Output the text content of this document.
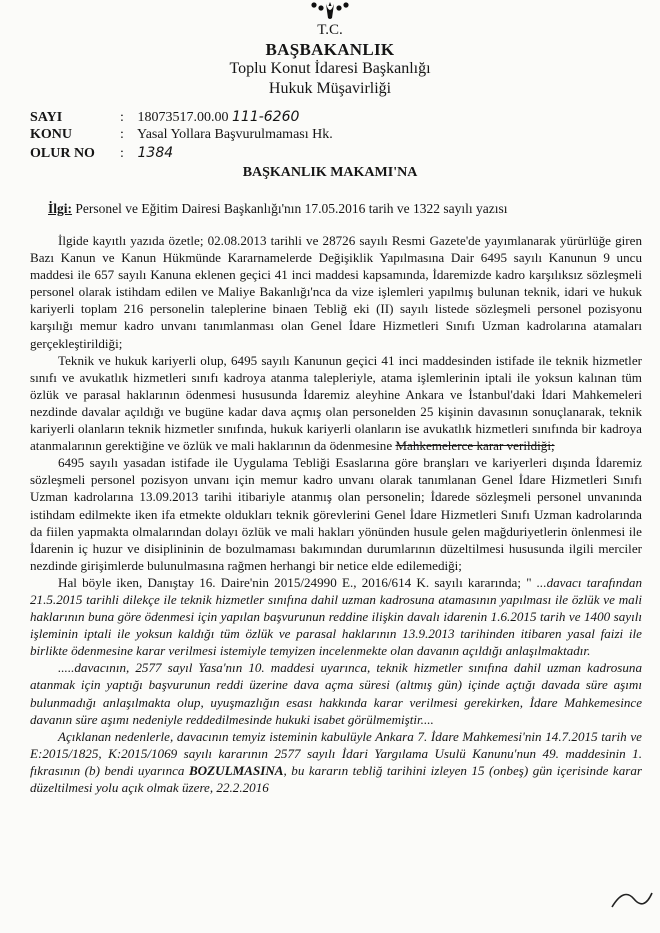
T.C.
BAŞBAKANLIK
Toplu Konut İdaresi Başkanlığı
Hukuk Müşavirliği
SAYI	: 18073517.00.00 111-6260
KONU	: Yasal Yollara Başvurulmaması Hk.
OLUR NO : 1384
BAŞKANLIK MAKAMI'NA
İlgi: Personel ve Eğitim Dairesi Başkanlığı'nın 17.05.2016 tarih ve 1322 sayılı yazısı

İlgide kayıtlı yazıda özetle; 02.08.2013 tarihli ve 28726 sayılı Resmi Gazete'de yayımlanarak yürürlüğe giren Bazı Kanun ve Kanun Hükmünde Kararnamelerde Değişiklik Yapılmasına Dair 6495 sayılı Kanunun 9 uncu maddesi ile 657 sayılı Kanuna eklenen geçici 41 inci maddesi kapsamında, İdaremizde kadro karşılıksız sözleşmeli personel olarak istihdam edilen ve Maliye Bakanlığı'nca da vize işlemleri yapılmış bulunan teknik, idari ve hukuk kariyerli toplam 216 personelin taleplerine binaen Tebliğ eki (II) sayılı listede sözleşmeli personel pozisyonu karşılığı memur kadro unvanı tanımlanması olan Genel İdare Hizmetleri Sınıfı Uzman kadrolarına atamaları gerçekleştirildiği;

Teknik ve hukuk kariyerli olup, 6495 sayılı Kanunun geçici 41 inci maddesinden istifade ile teknik hizmetler sınıfı ve avukatlık hizmetleri sınıfı kadroya atanma talepleriyle, atama işlemlerinin iptali ile yoksun kalınan tüm özlük ve parasal haklarının ödenmesi hususunda İdaremiz aleyhine Ankara ve İstanbul'daki İdari Mahkemeleri nezdinde davalar açıldığı ve bugüne kadar dava açmış olan personelden 25 kişinin davasının sonuçlanarak, teknik kariyerli olanların teknik hizmetler sınıfında, hukuk kariyerli olanların ise avukatlık hizmetleri sınıfında bir kadroya atanmalarının gerektiğine ve özlük ve mali haklarının da ödenmesine Mahkemelerce karar verildiği;

6495 sayılı yasadan istifade ile Uygulama Tebliği Esaslarına göre branşları ve kariyerleri dışında İdaremiz sözleşmeli personel pozisyon unvanı için memur kadro unvanı olarak tanımlanan Genel İdare Hizmetleri Sınıfı Uzman kadrolarına 13.09.2013 tarihi itibariyle atanmış olan personelin; İdarede sözleşmeli personel unvanında istihdam edilmekte iken ifa etmekte oldukları teknik görevlerini Genel İdare Hizmetleri Sınıfı Uzman kadrolarında da fiilen yapmakta olmalarından dolayı özlük ve mali hakları yönünden husule gelen mağduriyetlerin önlenmesi ile İdarenin iç huzur ve disiplininin de bozulmaması bakımından durumlarının düzeltilmesi hususunda ilgili merciler nezdinde girişimlerde bulunulmasına rağmen herhangi bir netice elde edilemediği;

Hal böyle iken, Danıştay 16. Daire'nin 2015/24990 E., 2016/614 K. sayılı kararında; " ...davacı tarafından 21.5.2015 tarihli dilekçe ile teknik hizmetler sınıfına dahil uzman kadrosuna atamasının yapılması ile özlük ve mali haklarının buna göre ödenmesi için yapılan başvurunun reddine ilişkin davalı idarenin 1.6.2015 tarih ve 1400 sayılı işleminin iptali ile yoksun kaldığı tüm özlük ve parasal haklarının 13.9.2013 tarihinden itibaren yasal faizi ile birlikte ödenmesine karar verilmesi istemiyle temyizen incelenmekte olan davanın açıldığı anlaşılmaktadır.

.....davacının, 2577 sayıl Yasa'nın 10. maddesi uyarınca, teknik hizmetler sınıfına dahil uzman kadrosuna atanmak için yaptığı başvurunun reddi üzerine dava açma süresi (altmış gün) içinde açtığı davada süre aşımı bulunmadığı anlaşılmakta olup, uyuşmazlığın esası hakkında karar verilmesi gerekirken, İdare Mahkemesince davanın süre aşımı nedeniyle reddedilmesinde hukuki isabet görülmemiştir....

Açıklanan nedenlerle, davacının temyiz isteminin kabulüyle Ankara 7. İdare Mahkemesi'nin 14.7.2015 tarih ve E:2015/1825, K:2015/1069 sayılı kararının 2577 sayılı İdari Yargılama Usulü Kanunu'nun 49. maddesinin 1. fıkrasının (b) bendi uyarınca BOZULMASINA, bu kararın tebliğ tarihini izleyen 15 (onbeş) gün içerisinde karar düzeltilmesi yolu açık olmak üzere, 22.2.2016
